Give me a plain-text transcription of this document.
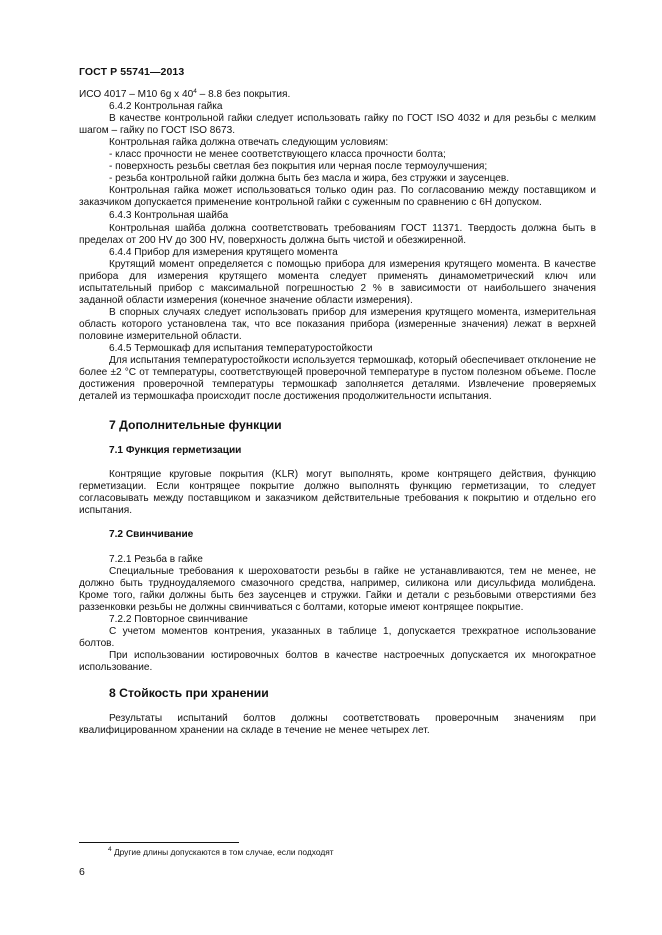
ГОСТ Р 55741—2013

ИСО 4017 – М10 6g х $40^4 - 8.8$ без покрытия.

6.4.2 Контрольная гайка

В качестве контрольной гайки следует использовать гайку по ГОСТ ISO 4032 и для резьбы с мелким шагом – гайку по ГОСТ ISO 8673.

Контрольная гайка должна отвечать следующим условиям:

- класс прочности не менее соответствующего класса прочности болта;

- поверхность резьбы светлая без покрытия или черная после термоулучшения;

- резьба контрольной гайки должна быть без масла и жира, без стружки и заусенцев.

Контрольная гайка может использоваться только один раз. По согласованию между поставщиком и заказчиком допускается применение контрольной гайки с суженным по сравнению с 6Н допуском.

6.4.3 Контрольная шайба

Контрольная шайба должна соответствовать требованиям ГОСТ 11371. Твердость должна быть в пределах от 200 HV до 300 HV, поверхность должна быть чистой и обезжиренной.

6.4.4 Прибор для измерения крутящего момента

Крутящий момент определяется с помощью прибора для измерения крутящего момента. В качестве прибора для измерения крутящего момента следует применять динамометрический ключ или испытательный прибор с максимальной погрешностью 2 % в зависимости от наибольшего значения заданной области измерения (конечное значение области измерения).

В спорных случаях следует использовать прибор для измерения крутящего момента, измерительная область которого установлена так, что все показания прибора (измеренные значения) лежат в верхней половине измерительной области.

6.4.5 Термошкаф для испытания температуростойкости

Для испытания температуростойкости используется термошкаф, который обеспечивает отклонение не более ±2 °С от температуры, соответствующей проверочной температуре в пустом полезном объеме. После достижения проверочной температуры термошкаф заполняется деталями. Извлечение проверяемых деталей из термошкафа происходит после достижения продолжительности испытания.

7 Дополнительные функции

7.1 Функция герметизации

Контрящие круговые покрытия (KLR) могут выполнять, кроме контрящего действия, функцию герметизации. Если контрящее покрытие должно выполнять функцию герметизации, то следует согласовывать между поставщиком и заказчиком действительные требования к покрытию и отдельно его испытания.

7.2 Свинчивание

7.2.1 Резьба в гайке

Специальные требования к шероховатости резьбы в гайке не устанавливаются, тем не менее, не должно быть трудноудаляемого смазочного средства, например, силикона или дисульфида молибдена. Кроме того, гайки должны быть без заусенцев и стружки. Гайки и детали с резьбовыми отверстиями без раззенковки резьбы не должны свинчиваться с болтами, которые имеют контрящее покрытие.

7.2.2 Повторное свинчивание

С учетом моментов контрения, указанных в таблице 1, допускается трехкратное использование болтов.

При использовании юстировочных болтов в качестве настроечных допускается их многократное использование.

8 Стойкость при хранении

Результаты испытаний болтов должны соответствовать проверочным значениям при квалифицированном хранении на складе в течение не менее четырех лет.

$^4$ Другие длины допускаются в том случае, если подходят
6
